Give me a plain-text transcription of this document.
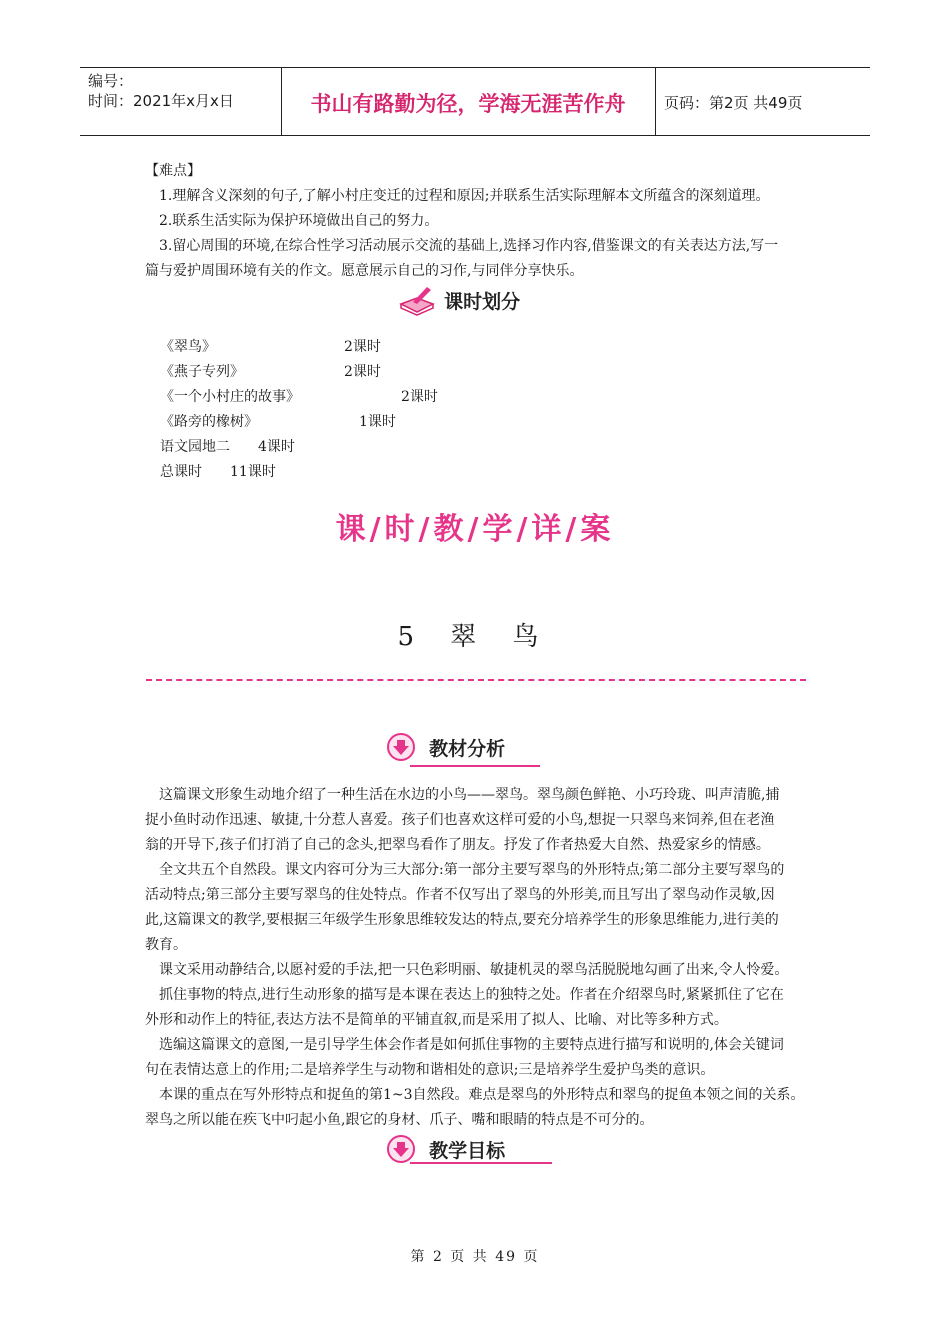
编号：
时间：2021年x月x日	书山有路勤为径，学海无涯苦作舟	页码：第2页 共49页
【难点】
1.理解含义深刻的句子,了解小村庄变迁的过程和原因;并联系生活实际理解本文所蕴含的深刻道理。
2.联系生活实际为保护环境做出自己的努力。
3.留心周围的环境,在综合性学习活动展示交流的基础上,选择习作内容,借鉴课文的有关表达方法,写一
篇与爱护周围环境有关的作文。愿意展示自己的习作,与同伴分享快乐。
课时划分
《翠鸟》	2课时
《燕子专列》	2课时
《一个小村庄的故事》	2课时
《路旁的橡树》	1课时
语文园地二 4课时
总课时 11课时
课/时/教/学/详/案
5 翠 鸟
教材分析
这篇课文形象生动地介绍了一种生活在水边的小鸟——翠鸟。翠鸟颜色鲜艳、小巧玲珑、叫声清脆,捕
捉小鱼时动作迅速、敏捷,十分惹人喜爱。孩子们也喜欢这样可爱的小鸟,想捉一只翠鸟来饲养,但在老渔
翁的开导下,孩子们打消了自己的念头,把翠鸟看作了朋友。抒发了作者热爱大自然、热爱家乡的情感。
全文共五个自然段。课文内容可分为三大部分:第一部分主要写翠鸟的外形特点;第二部分主要写翠鸟的
活动特点;第三部分主要写翠鸟的住处特点。作者不仅写出了翠鸟的外形美,而且写出了翠鸟动作灵敏,因
此,这篇课文的教学,要根据三年级学生形象思维较发达的特点,要充分培养学生的形象思维能力,进行美的
教育。
课文采用动静结合,以愿衬爱的手法,把一只色彩明丽、敏捷机灵的翠鸟活脱脱地勾画了出来,令人怜爱。
抓住事物的特点,进行生动形象的描写是本课在表达上的独特之处。作者在介绍翠鸟时,紧紧抓住了它在
外形和动作上的特征,表达方法不是简单的平铺直叙,而是采用了拟人、比喻、对比等多种方式。
选编这篇课文的意图,一是引导学生体会作者是如何抓住事物的主要特点进行描写和说明的,体会关键词
句在表情达意上的作用;二是培养学生与动物和谐相处的意识;三是培养学生爱护鸟类的意识。
本课的重点在写外形特点和捉鱼的第1~3自然段。难点是翠鸟的外形特点和翠鸟的捉鱼本领之间的关系。
翠鸟之所以能在疾飞中叼起小鱼,跟它的身材、爪子、嘴和眼睛的特点是不可分的。
教学目标
第 2 页 共 49 页
